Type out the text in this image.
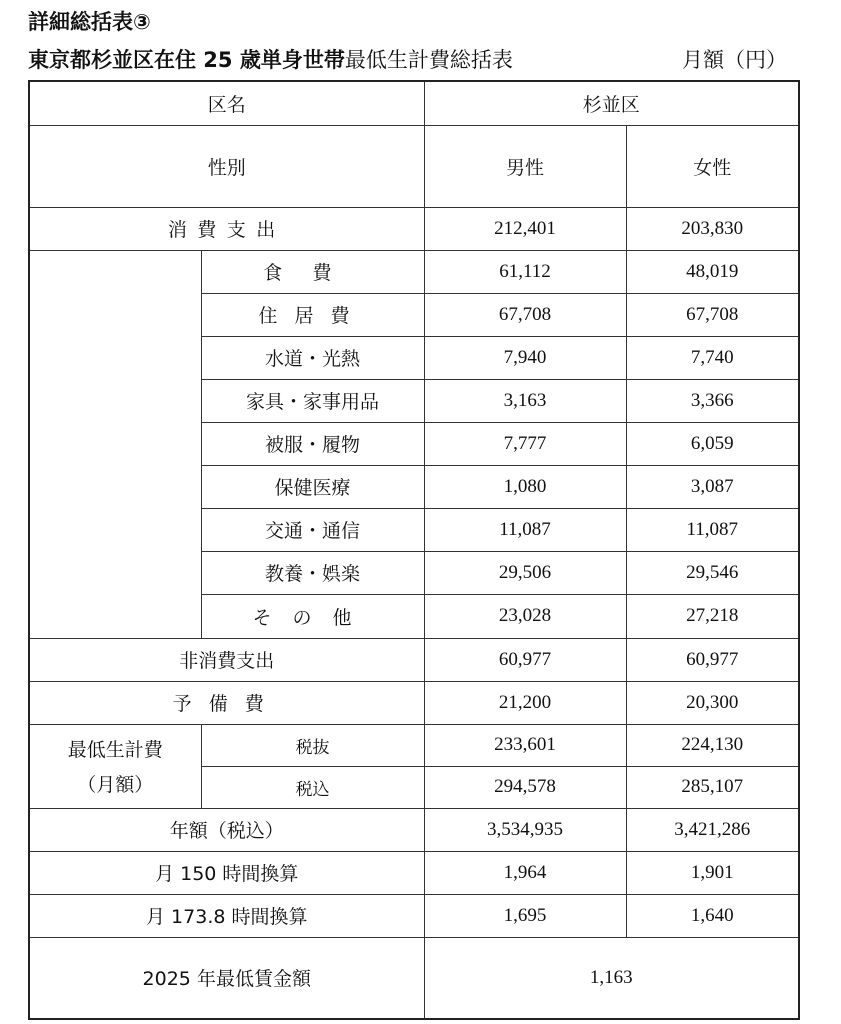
詳細総括表③
東京都杉並区在住 25 歳単身世帯最低生計費総括表	月額（円）
区名		杉並区	
性別		男性	女性
消費支出		212,401	203,830
	食費	61,112	48,019
	住居費	67,708	67,708
	水道・光熱	7,940	7,740
	家具・家事用品	3,163	3,366
	被服・履物	7,777	6,059
	保健医療	1,080	3,087
	交通・通信	11,087	11,087
	教養・娯楽	29,506	29,546
	その他	23,028	27,218
非消費支出		60,977	60,977
予備費		21,200	20,300
最低生計費	税抜	233,601	224,130
（月額）	税込	294,578	285,107
年額（税込）		3,534,935	3,421,286
月 150 時間換算		1,964	1,901
月 173.8 時間換算		1,695	1,640
2025 年最低賃金額		1,163	
